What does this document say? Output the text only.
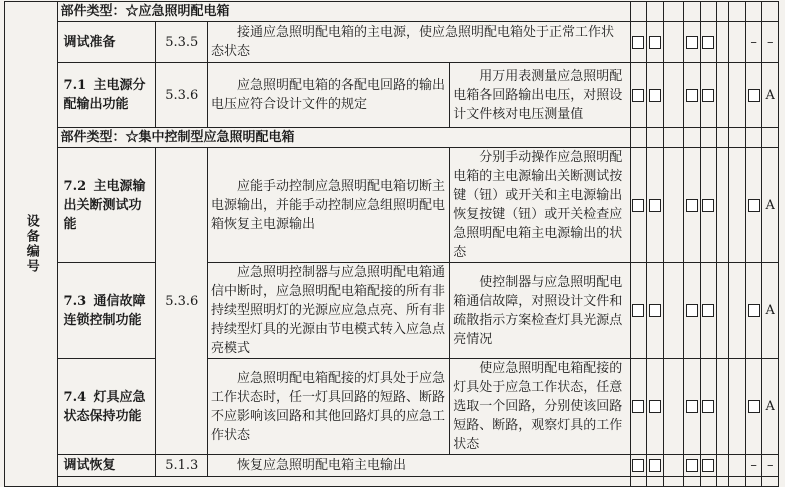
设备编号	部件类型：☆应急照明配电箱												
	调试准备	5.3.5	接通应急照明配电箱的主电源，使应急照明配电箱处于正常工作状态状态									–	–
	7.1 主电源分配输出功能	5.3.6	应急照明配电箱的各配电回路的输出电压应符合设计文件的规定	用万用表测量应急照明配电箱各回路输出电压，对照设计文件核对电压测量值									A
	部件类型：☆集中控制型应急照明配电箱												
	7.2 主电源输出关断测试功能	5.3.6	应能手动控制应急照明配电箱切断主电源输出，并能手动控制应急组照明配电箱恢复主电源输出	分别手动操作应急照明配电箱的主电源输出关断测试按键（钮）或开关和主电源输出恢复按键（钮）或开关检查应急照明配电箱主电源输出的状态									A
	7.3 通信故障连锁控制功能		应急照明控制器与应急照明配电箱通信中断时，应急照明配电箱配接的所有非持续型照明灯的光源应应急点亮、所有非持续型灯具的光源由节电模式转入应急点亮模式	使控制器与应急照明配电箱通信故障，对照设计文件和疏散指示方案检查灯具光源点亮情况									A
	7.4 灯具应急状态保持功能		应急照明配电箱配接的灯具处于应急工作状态时，任一灯具回路的短路、断路不应影响该回路和其他回路灯具的应急工作状态	使应急照明配电箱配接的灯具处于应急工作状态，任意选取一个回路，分别使该回路短路、断路，观察灯具的工作状态									A
	调试恢复	5.1.3	恢复应急照明配电箱主电输出									–	–
